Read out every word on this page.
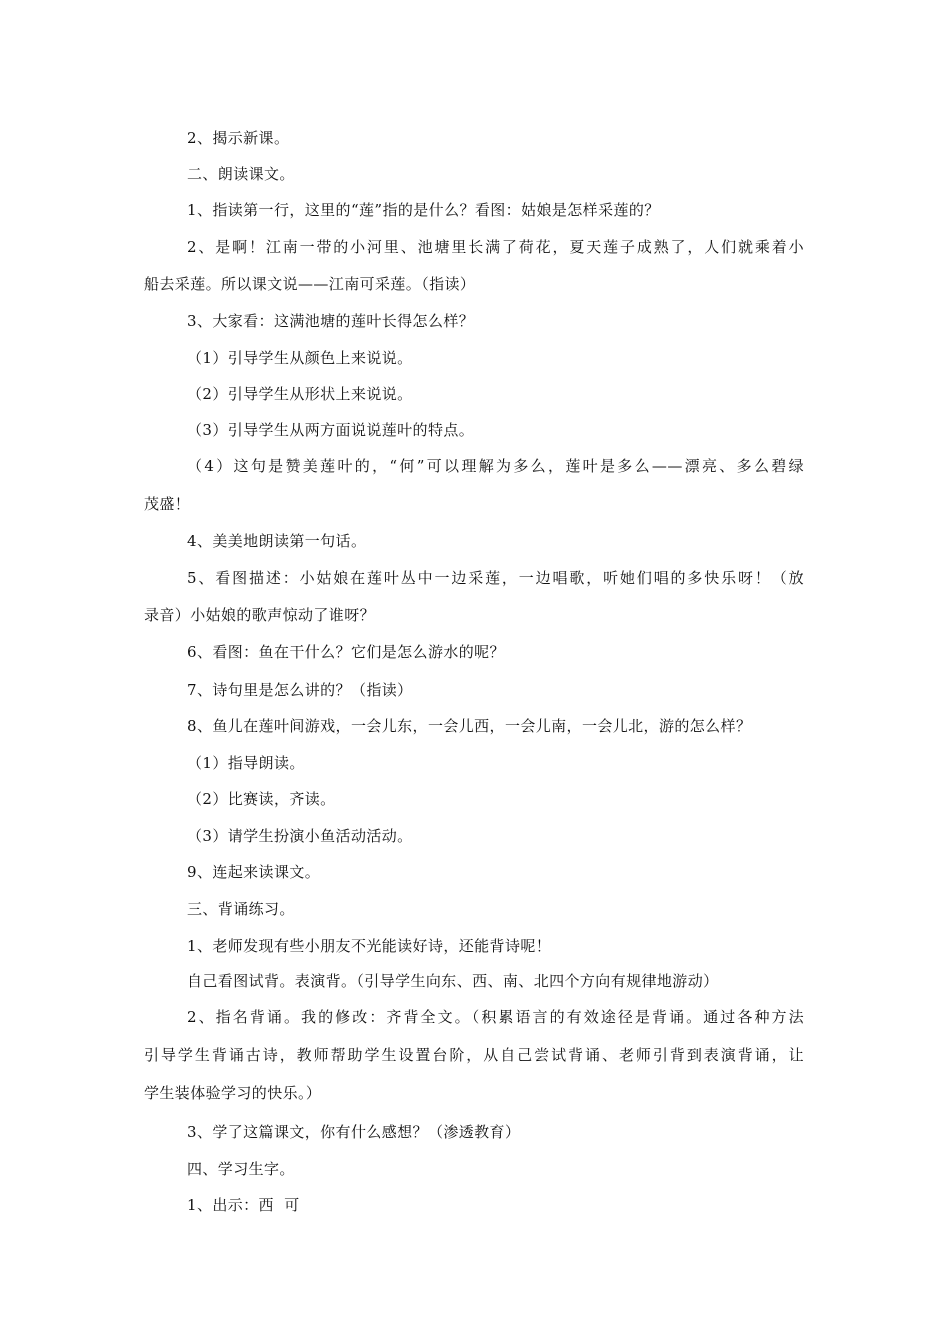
2、揭示新课。
二、朗读课文。
1、指读第一行，这里的“莲”指的是什么？看图：姑娘是怎样采莲的？
2、是啊！江南一带的小河里、池塘里长满了荷花，夏天莲子成熟了，人们就乘着小
船去采莲。所以课文说——江南可采莲。（指读）
3、大家看：这满池塘的莲叶长得怎么样？
（1）引导学生从颜色上来说说。
（2）引导学生从形状上来说说。
（3）引导学生从两方面说说莲叶的特点。
（4）这句是赞美莲叶的，“何”可以理解为多么，莲叶是多么——漂亮、多么碧绿
茂盛！
4、美美地朗读第一句话。
5、看图描述：小姑娘在莲叶丛中一边采莲，一边唱歌，听她们唱的多快乐呀！（放
录音）小姑娘的歌声惊动了谁呀？
6、看图：鱼在干什么？它们是怎么游水的呢？
7、诗句里是怎么讲的？（指读）
8、鱼儿在莲叶间游戏，一会儿东，一会儿西，一会儿南，一会儿北，游的怎么样？
（1）指导朗读。
（2）比赛读，齐读。
（3）请学生扮演小鱼活动活动。
9、连起来读课文。
三、背诵练习。
1、老师发现有些小朋友不光能读好诗，还能背诗呢！
自己看图试背。表演背。（引导学生向东、西、南、北四个方向有规律地游动）
2、指名背诵。我的修改：齐背全文。（积累语言的有效途径是背诵。通过各种方法
引导学生背诵古诗，教师帮助学生设置台阶，从自己尝试背诵、老师引背到表演背诵，让
学生装体验学习的快乐。）
3、学了这篇课文，你有什么感想？（渗透教育）
四、学习生字。
1、出示：西  可
